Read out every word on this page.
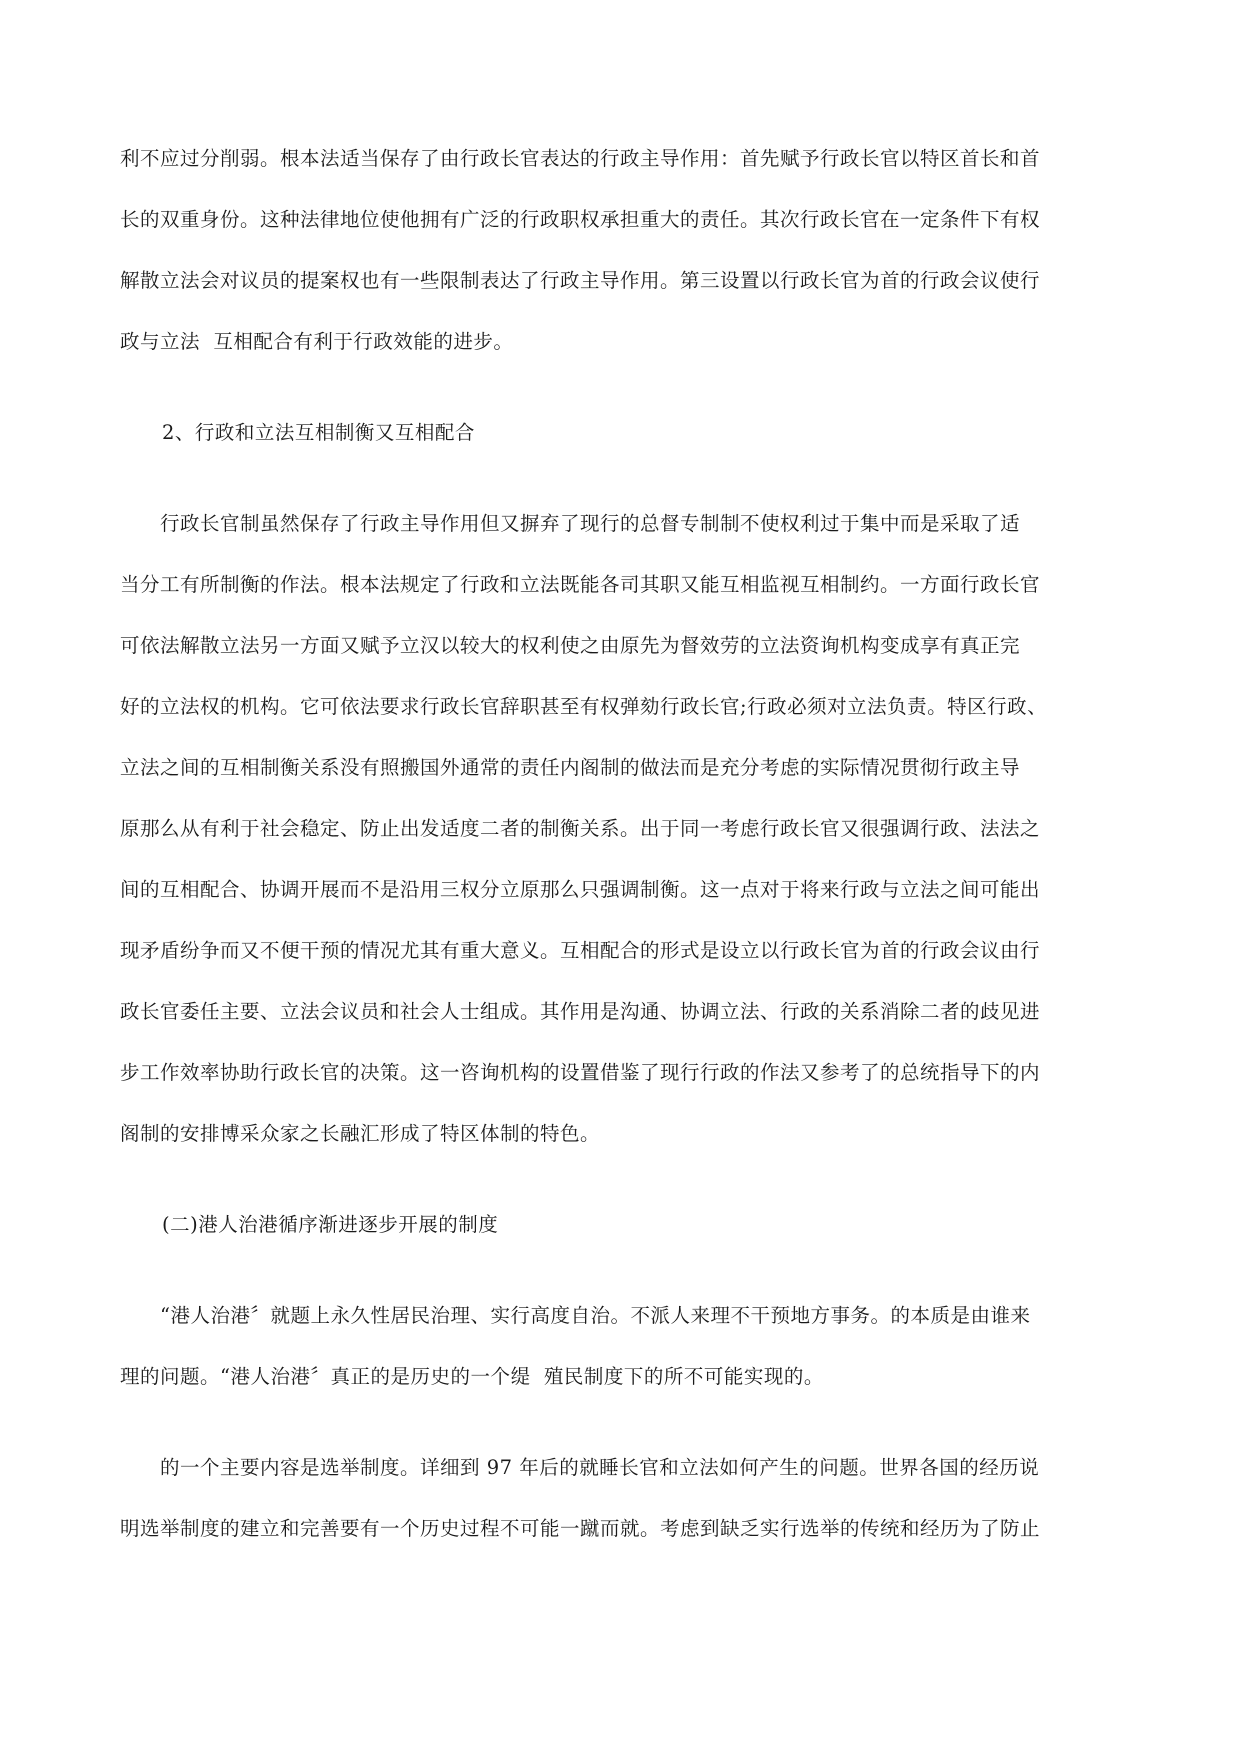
利不应过分削弱。根本法适当保存了由行政长官表达的行政主导作用：首先赋予行政长官以特区首长和首
长的双重身份。这种法律地位使他拥有广泛的行政职权承担重大的责任。其次行政长官在一定条件下有权
解散立法会对议员的提案权也有一些限制表达了行政主导作用。第三设置以行政长官为首的行政会议使行
政与立法  互相配合有利于行政效能的进步。

2、行政和立法互相制衡又互相配合

　　行政长官制虽然保存了行政主导作用但又摒弃了现行的总督专制制不使权利过于集中而是采取了适
当分工有所制衡的作法。根本法规定了行政和立法既能各司其职又能互相监视互相制约。一方面行政长官
可依法解散立法另一方面又赋予立汉以较大的权利使之由原先为督效劳的立法资询机构变成享有真正完
好的立法权的机构。它可依法要求行政长官辞职甚至有权弹劾行政长官;行政必须对立法负责。特区行政、
立法之间的互相制衡关系没有照搬国外通常的责任内阁制的做法而是充分考虑的实际情况贯彻行政主导
原那么从有利于社会稳定、防止出发适度二者的制衡关系。出于同一考虑行政长官又很强调行政、法法之
间的互相配合、协调开展而不是沿用三权分立原那么只强调制衡。这一点对于将来行政与立法之间可能出
现矛盾纷争而又不便干预的情况尤其有重大意义。互相配合的形式是设立以行政长官为首的行政会议由行
政长官委任主要、立法会议员和社会人士组成。其作用是沟通、协调立法、行政的关系消除二者的歧见进
步工作效率协助行政长官的决策。这一咨询机构的设置借鉴了现行行政的作法又参考了的总统指导下的内
阁制的安排博采众家之长融汇形成了特区体制的特色。

(二)港人治港循序渐进逐步开展的制度

　　“港人治港〞就题上永久性居民治理、实行高度自治。不派人来理不干预地方事务。的本质是由谁来
理的问题。“港人治港〞真正的是历史的一个缇  殖民制度下的所不可能实现的。

　　的一个主要内容是选举制度。详细到 97 年后的就睡长官和立法如何产生的问题。世界各国的经历说
明选举制度的建立和完善要有一个历史过程不可能一蹴而就。考虑到缺乏实行选举的传统和经历为了防止
